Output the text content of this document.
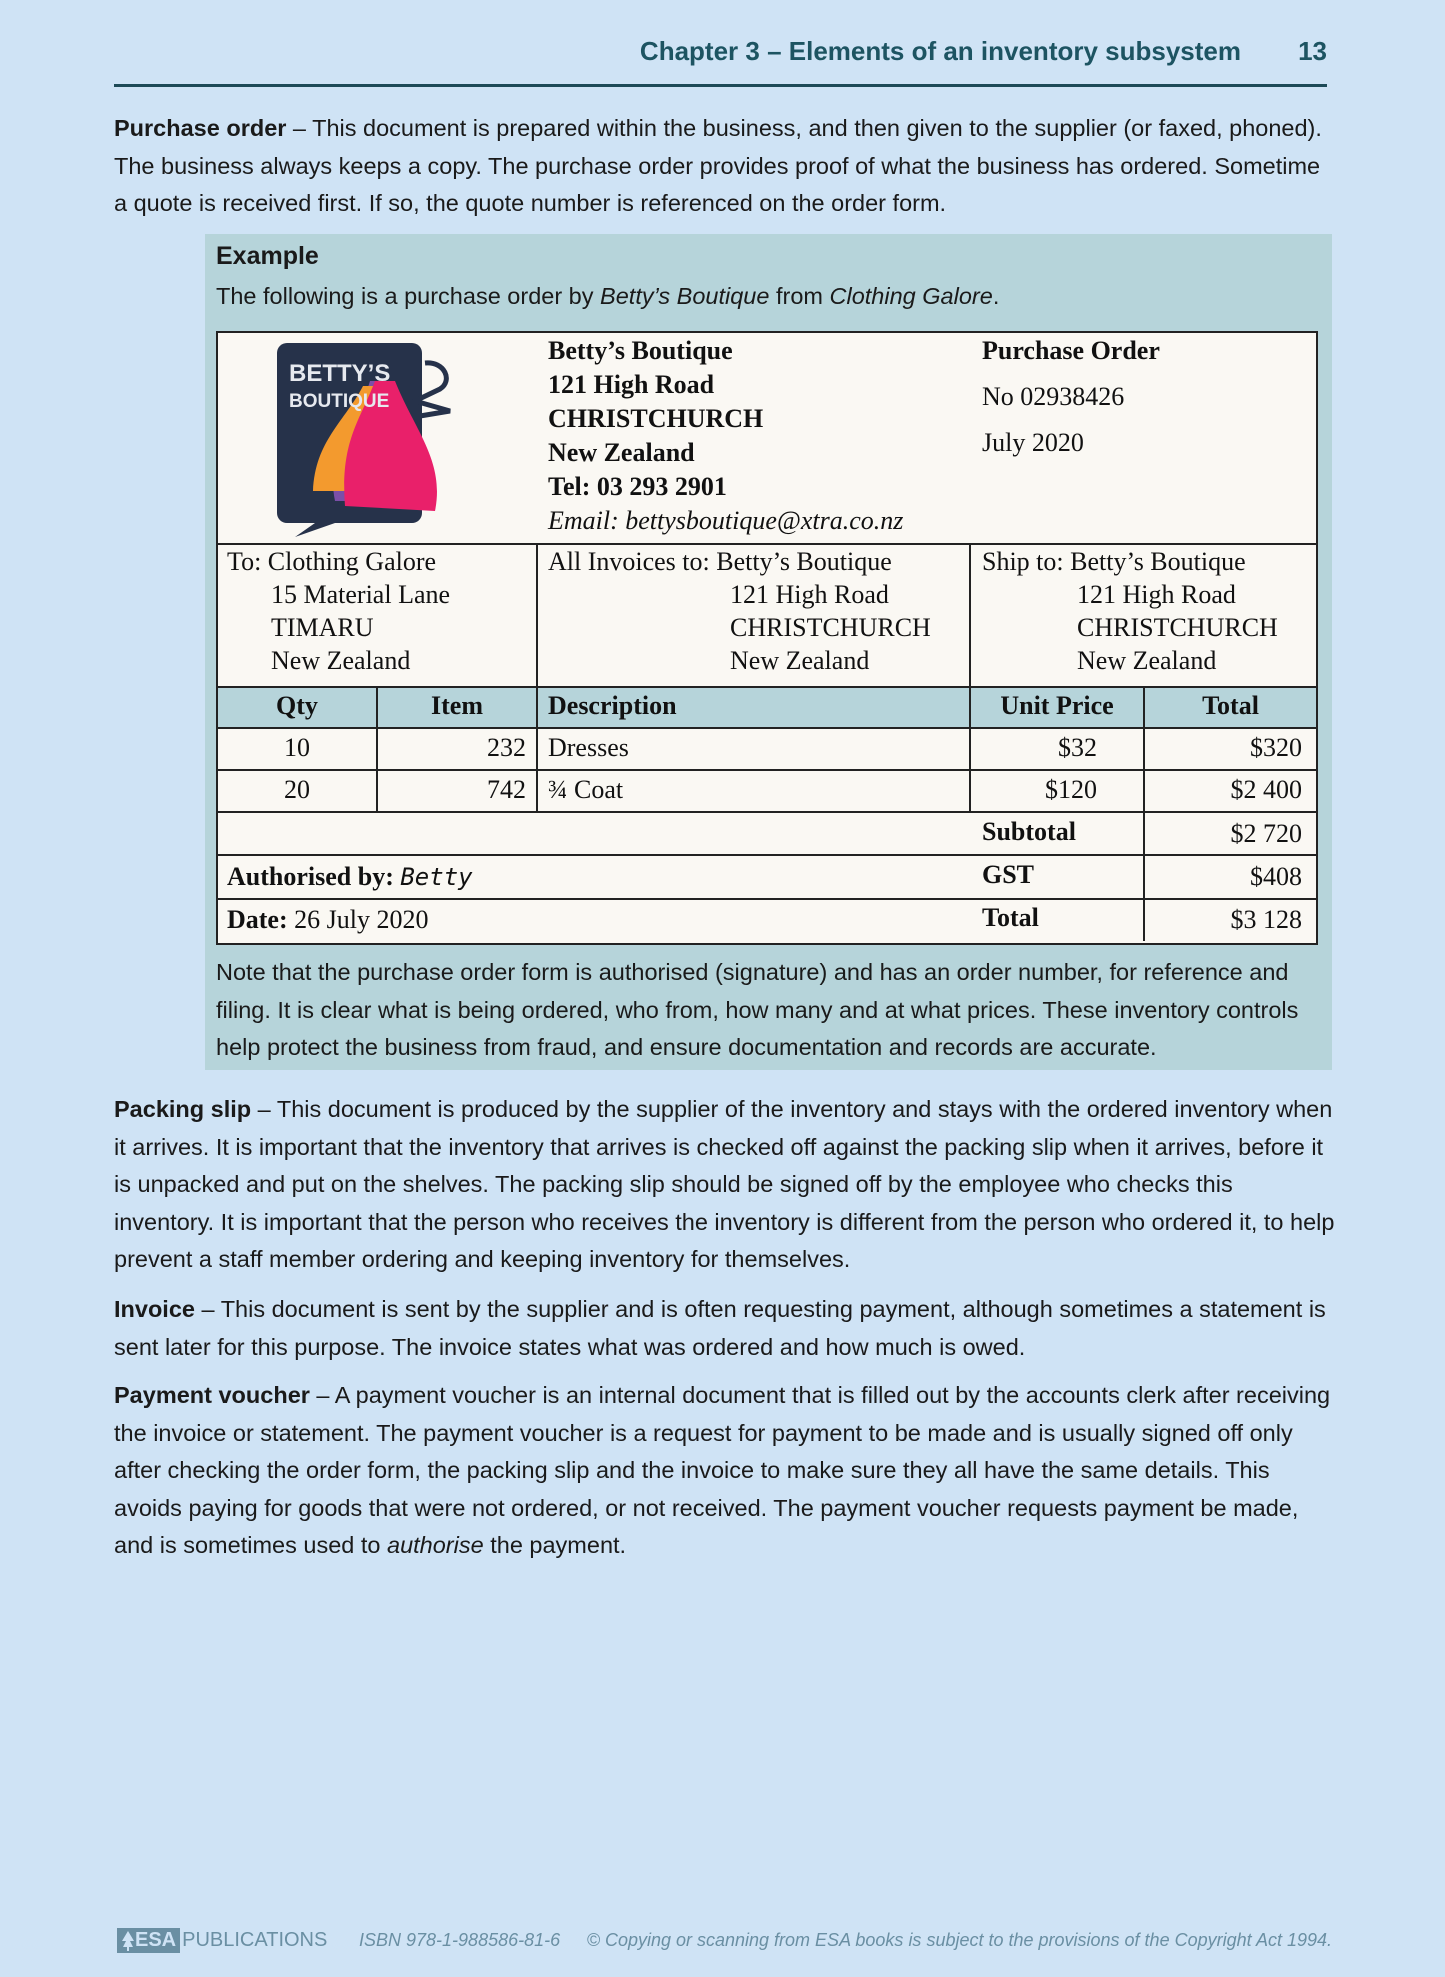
Chapter 3 – Elements of an inventory subsystem 13

Purchase order – This document is prepared within the business, and then given to the supplier (or faxed, phoned). The business always keeps a copy. The purchase order provides proof of what the business has ordered. Sometime a quote is received first. If so, the quote number is referenced on the order form.

Example
The following is a purchase order by Betty’s Boutique from Clothing Galore.
BETTY’S
BOUTIQUE
Betty’s Boutique
121 High Road
CHRISTCHURCH
New Zealand
Tel: 03 293 2901
Email: bettysboutique@xtra.co.nz
Purchase Order
No 02938426
July 2020
To: Clothing Galore
15 Material Lane
TIMARU
New Zealand
All Invoices to: Betty’s Boutique
121 High Road
CHRISTCHURCH
New Zealand
Ship to: Betty’s Boutique
121 High Road
CHRISTCHURCH
New Zealand
Qty	Item	Description	Unit Price	Total
10	232 Dresses	$32	$320
20	742 ¾ Coat	$120	$2 400
Subtotal	$2 720
GST	$408
Total	$3 128
Authorised by: Betty
Date: 26 July 2020
Note that the purchase order form is authorised (signature) and has an order number, for reference and filing. It is clear what is being ordered, who from, how many and at what prices. These inventory controls help protect the business from fraud, and ensure documentation and records are accurate.

Packing slip – This document is produced by the supplier of the inventory and stays with the ordered inventory when it arrives. It is important that the inventory that arrives is checked off against the packing slip when it arrives, before it is unpacked and put on the shelves. The packing slip should be signed off by the employee who checks this inventory. It is important that the person who receives the inventory is different from the person who ordered it, to help prevent a staff member ordering and keeping inventory for themselves.

Invoice – This document is sent by the supplier and is often requesting payment, although sometimes a statement is sent later for this purpose. The invoice states what was ordered and how much is owed.

Payment voucher – A payment voucher is an internal document that is filled out by the accounts clerk after receiving the invoice or statement. The payment voucher is a request for payment to be made and is usually signed off only after checking the order form, the packing slip and the invoice to make sure they all have the same details. This avoids paying for goods that were not ordered, or not received. The payment voucher requests payment be made, and is sometimes used to authorise the payment.

ESA PUBLICATIONS ISBN 978-1-988586-81-6 © Copying or scanning from ESA books is subject to the provisions of the Copyright Act 1994.
